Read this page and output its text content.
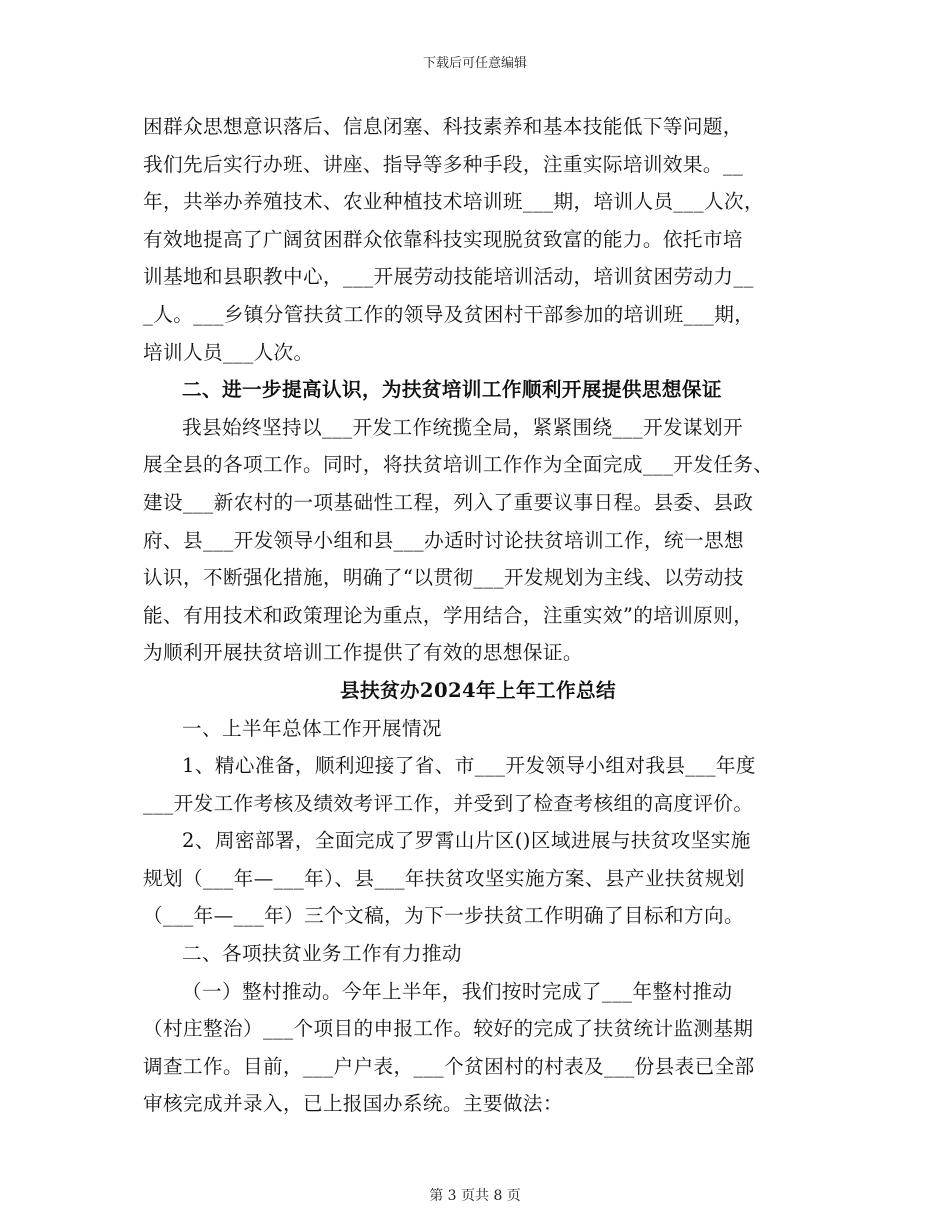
下载后可任意编辑
困群众思想意识落后、信息闭塞、科技素养和基本技能低下等问题，
我们先后实行办班、讲座、指导等多种手段，注重实际培训效果。__
年，共举办养殖技术、农业种植技术培训班___期，培训人员___人次，
有效地提高了广阔贫困群众依靠科技实现脱贫致富的能力。依托市培
训基地和县职教中心，___开展劳动技能培训活动，培训贫困劳动力__
_人。___乡镇分管扶贫工作的领导及贫困村干部参加的培训班___期，
培训人员___人次。
二、进一步提高认识，为扶贫培训工作顺利开展提供思想保证
我县始终坚持以___开发工作统揽全局，紧紧围绕___开发谋划开
展全县的各项工作。同时，将扶贫培训工作作为全面完成___开发任务、
建设___新农村的一项基础性工程，列入了重要议事日程。县委、县政
府、县___开发领导小组和县___办适时讨论扶贫培训工作，统一思想
认识，不断强化措施，明确了“以贯彻___开发规划为主线、以劳动技
能、有用技术和政策理论为重点，学用结合，注重实效”的培训原则，
为顺利开展扶贫培训工作提供了有效的思想保证。
县扶贫办2024年上年工作总结
一、上半年总体工作开展情况
1、精心准备，顺利迎接了省、市___开发领导小组对我县___年度
___开发工作考核及绩效考评工作，并受到了检查考核组的高度评价。
2、周密部署，全面完成了罗霄山片区()区域进展与扶贫攻坚实施
规划（___年—___年）、县___年扶贫攻坚实施方案、县产业扶贫规划
（___年—___年）三个文稿，为下一步扶贫工作明确了目标和方向。
二、各项扶贫业务工作有力推动
（一）整村推动。今年上半年，我们按时完成了___年整村推动
（村庄整治）___个项目的申报工作。较好的完成了扶贫统计监测基期
调查工作。目前，___户户表，___个贫困村的村表及___份县表已全部
审核完成并录入，已上报国办系统。主要做法：
第 3 页共 8 页
